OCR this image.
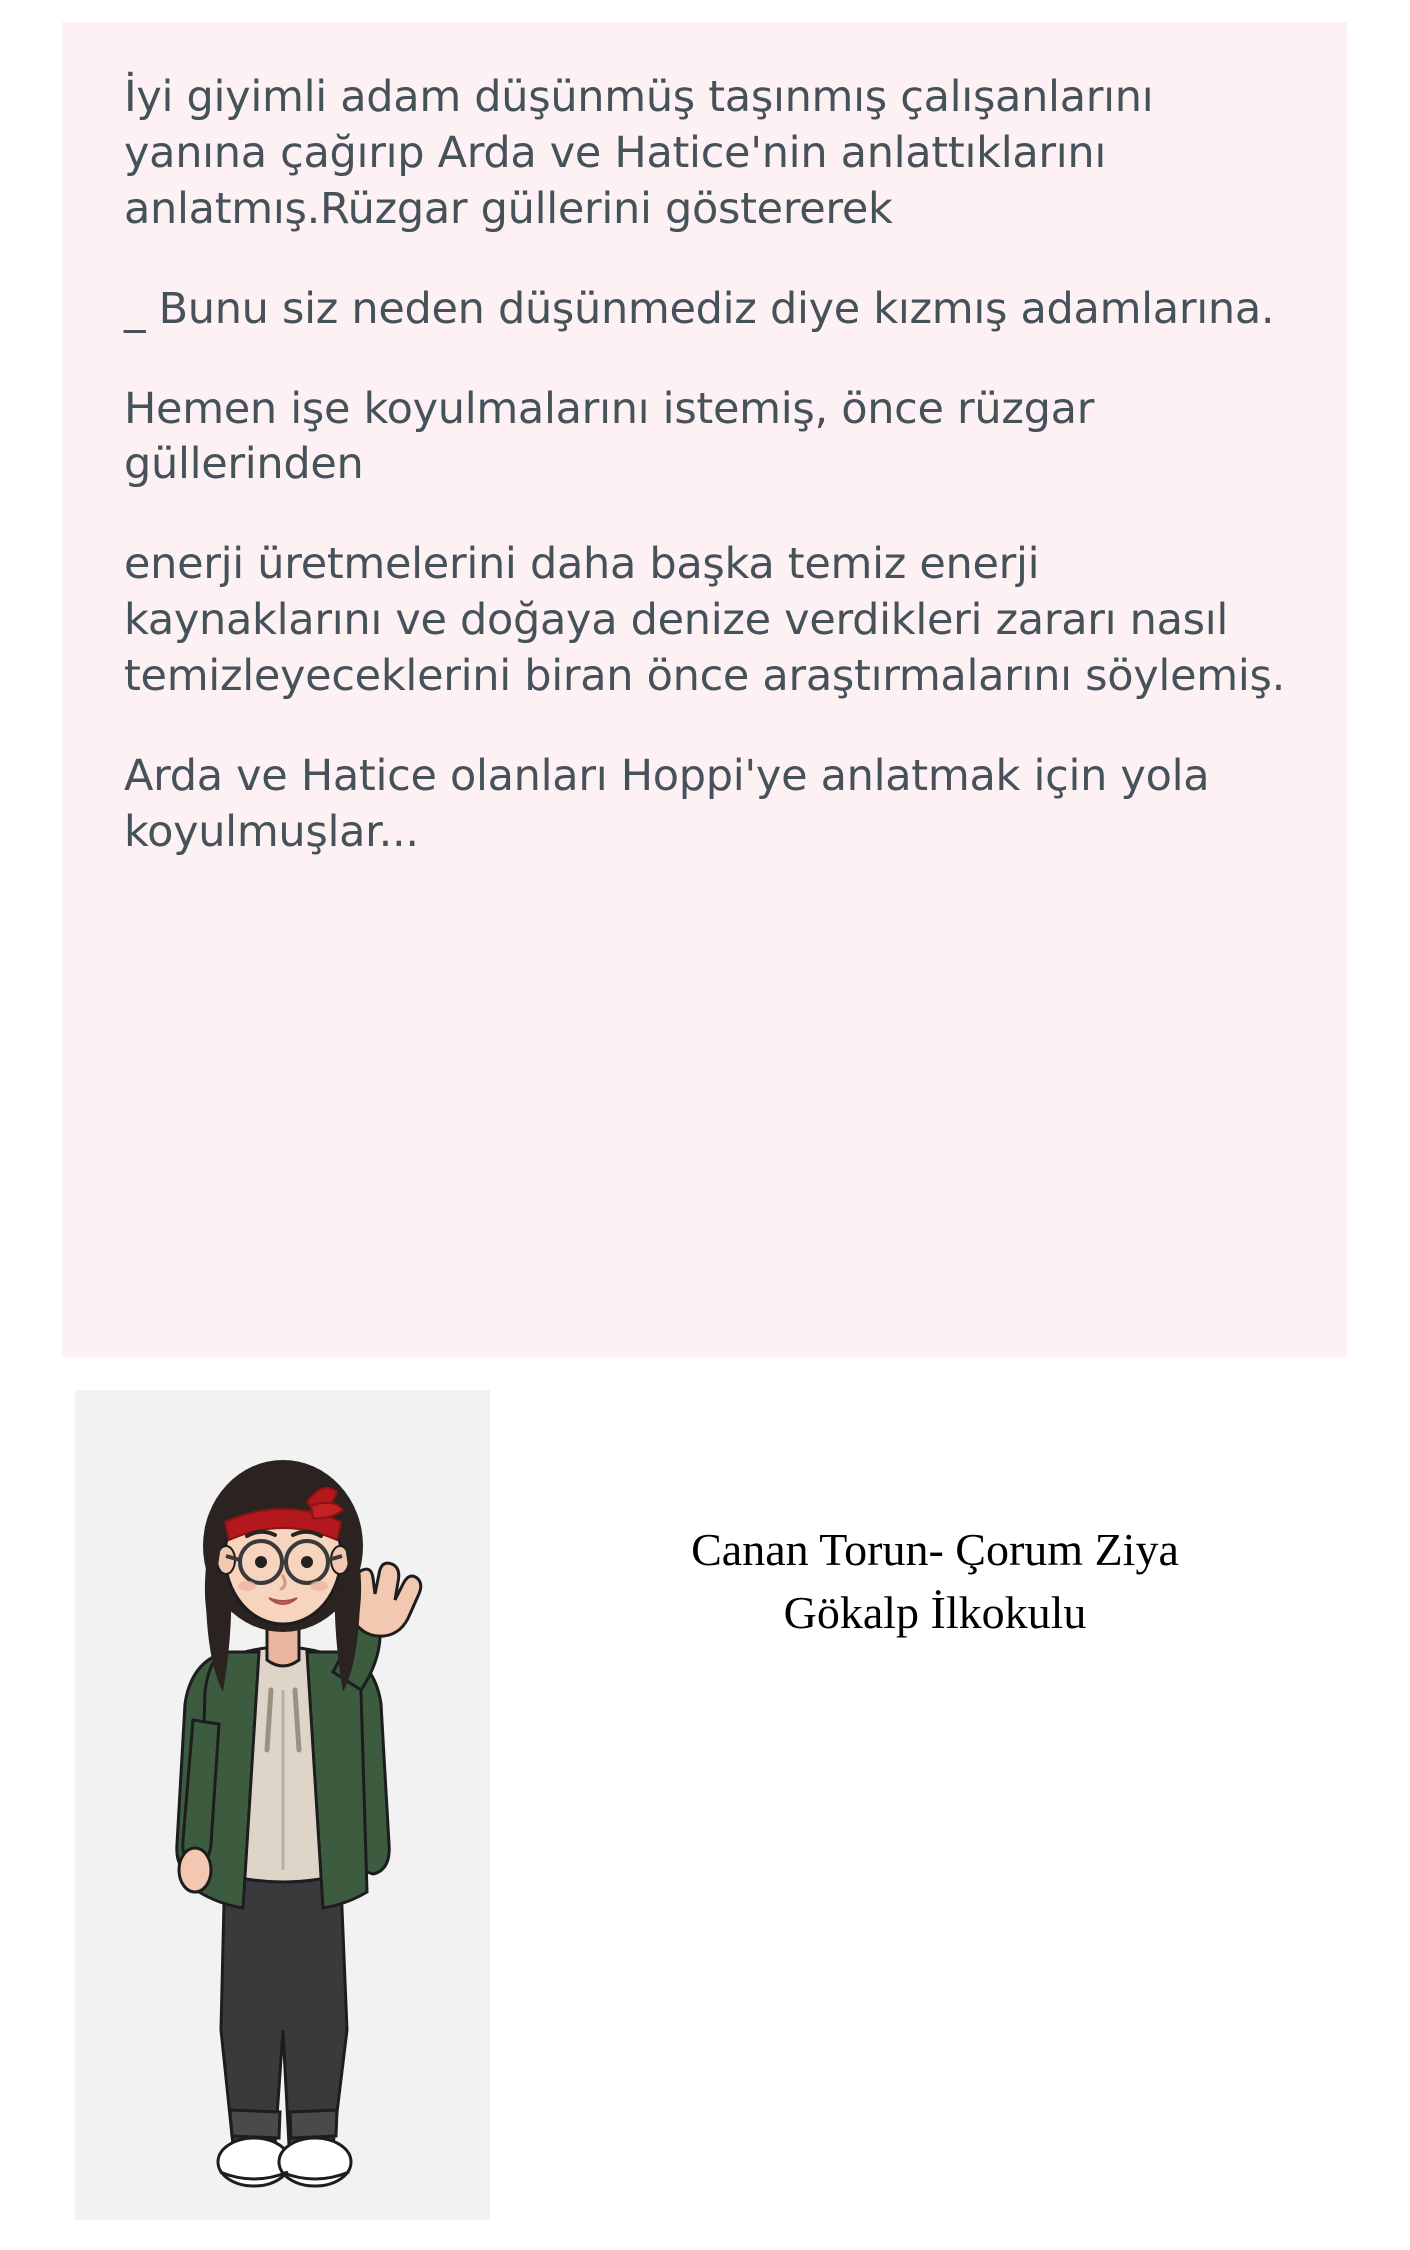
İyi giyimli adam düşünmüş taşınmış çalışanlarını yanına çağırıp Arda ve Hatice'nin anlattıklarını anlatmış.Rüzgar güllerini göstererek

_ Bunu siz neden düşünmediz diye kızmış adamlarına.

Hemen işe koyulmalarını istemiş, önce rüzgar güllerinden

enerji üretmelerini daha başka temiz enerji kaynaklarını ve doğaya denize verdikleri zararı nasıl temizleyeceklerini biran önce araştırmalarını söylemiş.

Arda ve Hatice olanları Hoppi'ye anlatmak için yola koyulmuşlar...

Canan Torun- Çorum Ziya
Gökalp İlkokulu
